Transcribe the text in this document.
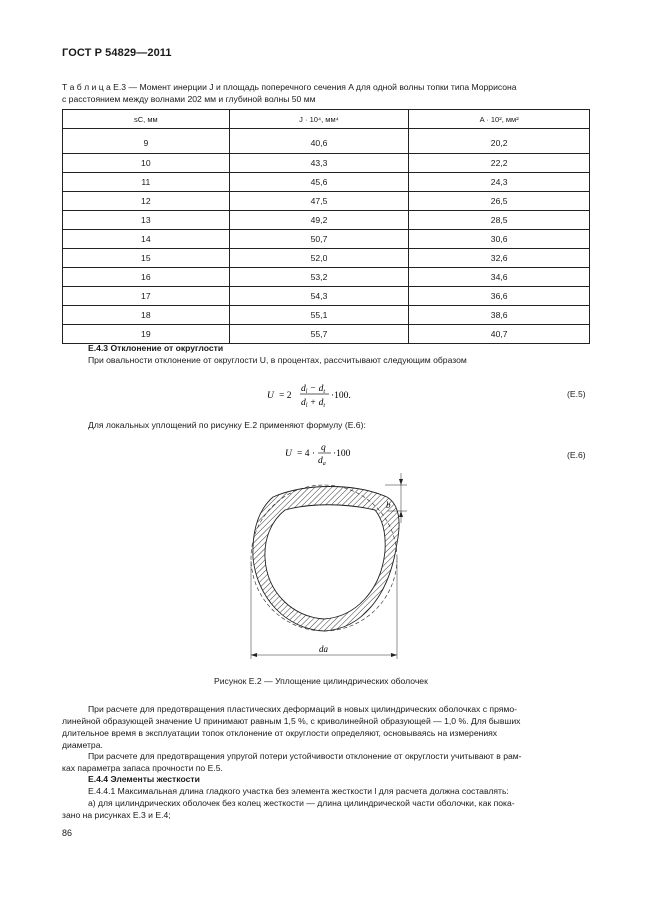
ГОСТ Р 54829—2011
Т а б л и ц а Е.3 — Момент инерции J и площадь поперечного сечения A для одной волны топки типа Моррисона
с расстоянием между волнами 202 мм и глубиной волны 50 мм
sC, мм	J · 10⁴, мм⁴	A · 10², мм²
9	40,6	20,2
10	43,3	22,2
11	45,6	24,3
12	47,5	26,5
13	49,2	28,5
14	50,7	30,6
15	52,0	32,6
16	53,2	34,6
17	54,3	36,6
18	55,1	38,6
19	55,7	40,7
Е.4.3 Отклонение от округлости
При овальности отклонение от округлости U, в процентах, рассчитывают следующим образом
U = 2
$d_l - d_t$
$d_l + d_t$
·100.	(Е.5)
Для локальных уплощений по рисунку Е.2 применяют формулу (Е.6):
U = 4 ·
q
$d_a$
·100	(Е.6)
b
da
Рисунок Е.2 — Уплощение цилиндрических оболочек
При расчете для предотвращения пластических деформаций в новых цилиндрических оболочках с прямо-
линейной образующей значение U принимают равным 1,5 %, с криволинейной образующей — 1,0 %. Для бывших
длительное время в эксплуатации топок отклонение от округлости определяют, основываясь на измерениях
диаметра.
При расчете для предотвращения упругой потери устойчивости отклонение от округлости учитывают в рам-
ках параметра запаса прочности по Е.5.
Е.4.4 Элементы жесткости
Е.4.4.1 Максимальная длина гладкого участка без элемента жесткости l для расчета должна составлять:
а) для цилиндрических оболочек без колец жесткости — длина цилиндрической части оболочки, как пока-
зано на рисунках Е.3 и Е.4;
86
